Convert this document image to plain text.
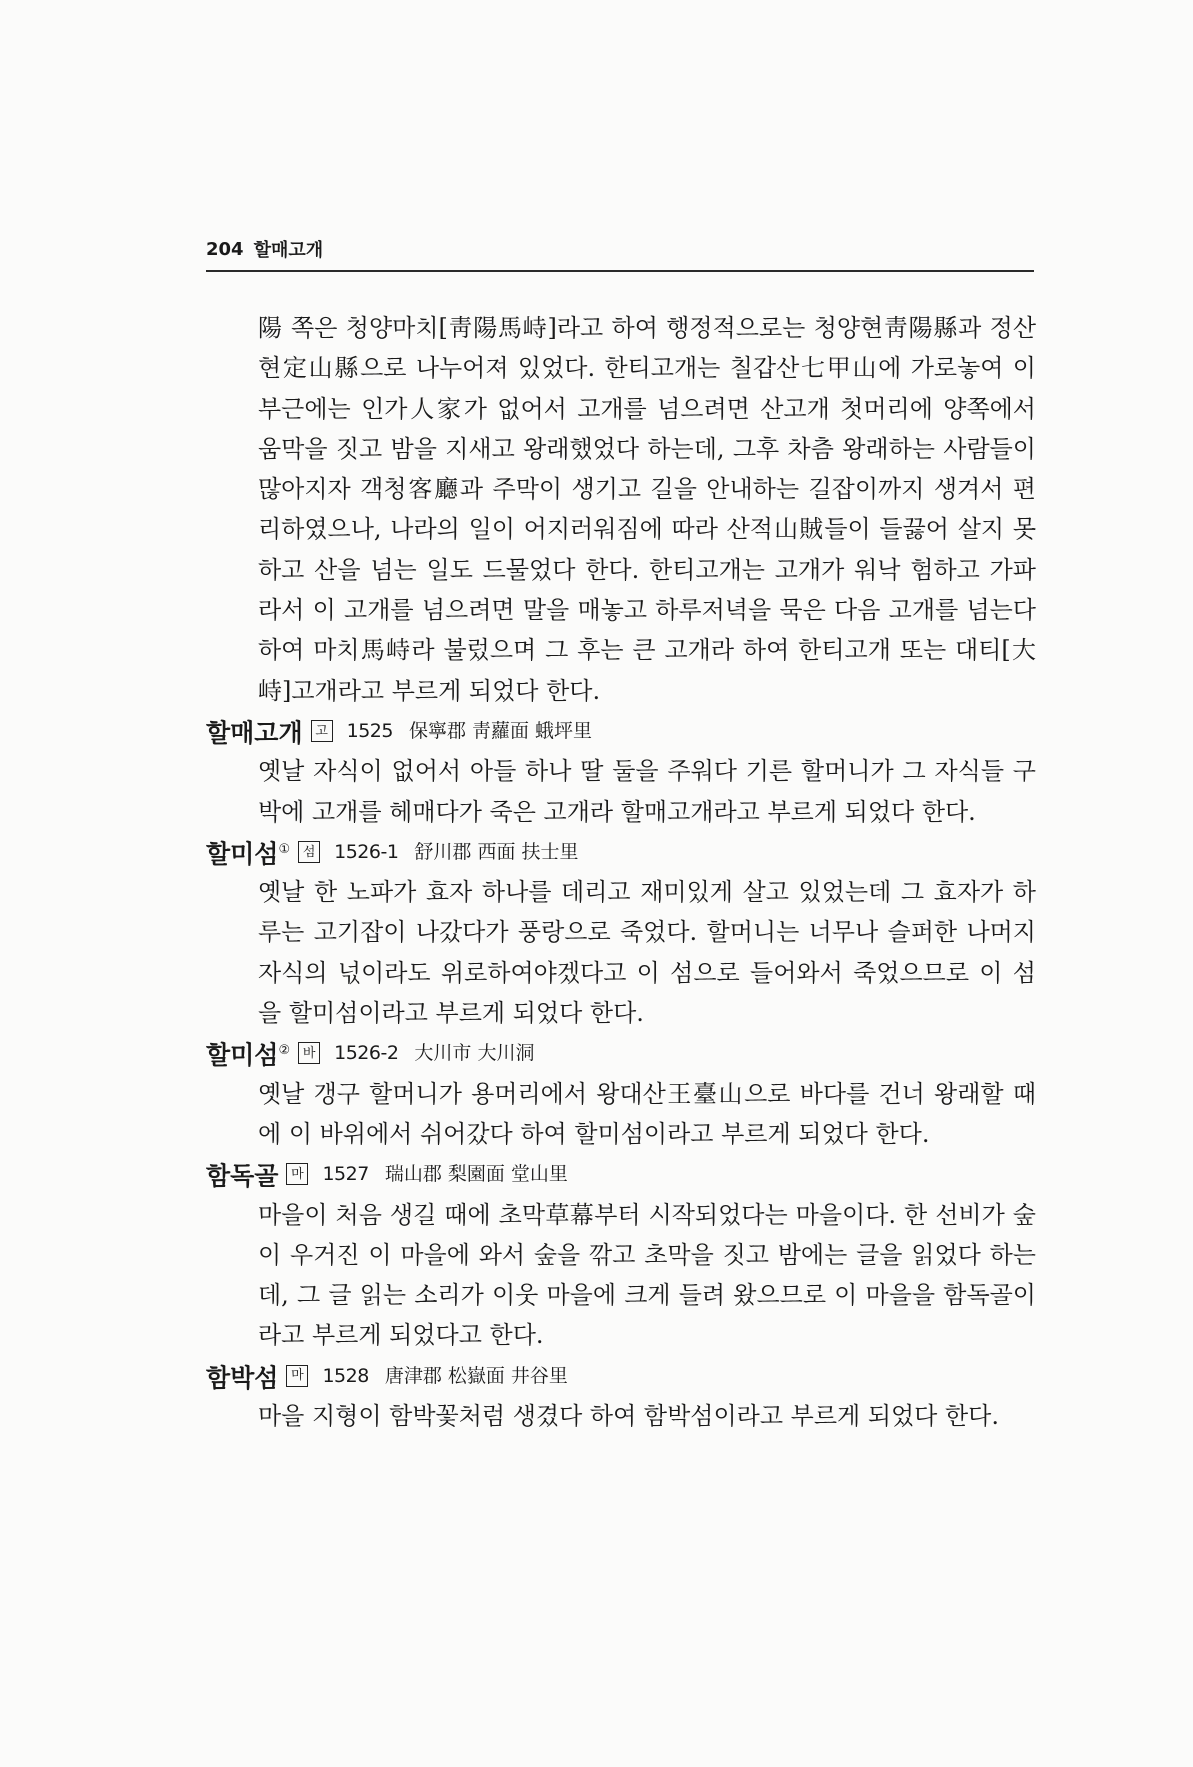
204 할매고개

陽 쪽은 청양마치[靑陽馬峙]라고 하여 행정적으로는 청양현靑陽縣과 정산현定山縣으로 나누어져 있었다. 한티고개는 칠갑산七甲山에 가로놓여 이 부근에는 인가人家가 없어서 고개를 넘으려면 산고개 첫머리에 양쪽에서 움막을 짓고 밤을 지새고 왕래했었다 하는데, 그후 차츰 왕래하는 사람들이 많아지자 객청客廳과 주막이 생기고 길을 안내하는 길잡이까지 생겨서 편리하였으나, 나라의 일이 어지러워짐에 따라 산적山賊들이 들끓어 살지 못하고 산을 넘는 일도 드물었다 한다. 한티고개는 고개가 워낙 험하고 가파라서 이 고개를 넘으려면 말을 매놓고 하루저녁을 묵은 다음 고개를 넘는다 하여 마치馬峙라 불렀으며 그 후는 큰 고개라 하여 한티고개 또는 대티[大峙]고개라고 부르게 되었다 한다.

할매고개 고 1525 保寧郡 靑蘿面 蛾坪里

옛날 자식이 없어서 아들 하나 딸 둘을 주워다 기른 할머니가 그 자식들 구박에 고개를 헤매다가 죽은 고개라 할매고개라고 부르게 되었다 한다.

할미섬① 섬 1526-1 舒川郡 西面 扶士里

옛날 한 노파가 효자 하나를 데리고 재미있게 살고 있었는데 그 효자가 하루는 고기잡이 나갔다가 풍랑으로 죽었다. 할머니는 너무나 슬퍼한 나머지 자식의 넋이라도 위로하여야겠다고 이 섬으로 들어와서 죽었으므로 이 섬을 할미섬이라고 부르게 되었다 한다.

할미섬② 바 1526-2 大川市 大川洞

옛날 갱구 할머니가 용머리에서 왕대산王臺山으로 바다를 건너 왕래할 때에 이 바위에서 쉬어갔다 하여 할미섬이라고 부르게 되었다 한다.

함독골 마 1527 瑞山郡 梨園面 堂山里

마을이 처음 생길 때에 초막草幕부터 시작되었다는 마을이다. 한 선비가 숲이 우거진 이 마을에 와서 숲을 깎고 초막을 짓고 밤에는 글을 읽었다 하는데, 그 글 읽는 소리가 이웃 마을에 크게 들려 왔으므로 이 마을을 함독골이라고 부르게 되었다고 한다.

함박섬 마 1528 唐津郡 松嶽面 井谷里

마을 지형이 함박꽃처럼 생겼다 하여 함박섬이라고 부르게 되었다 한다.
